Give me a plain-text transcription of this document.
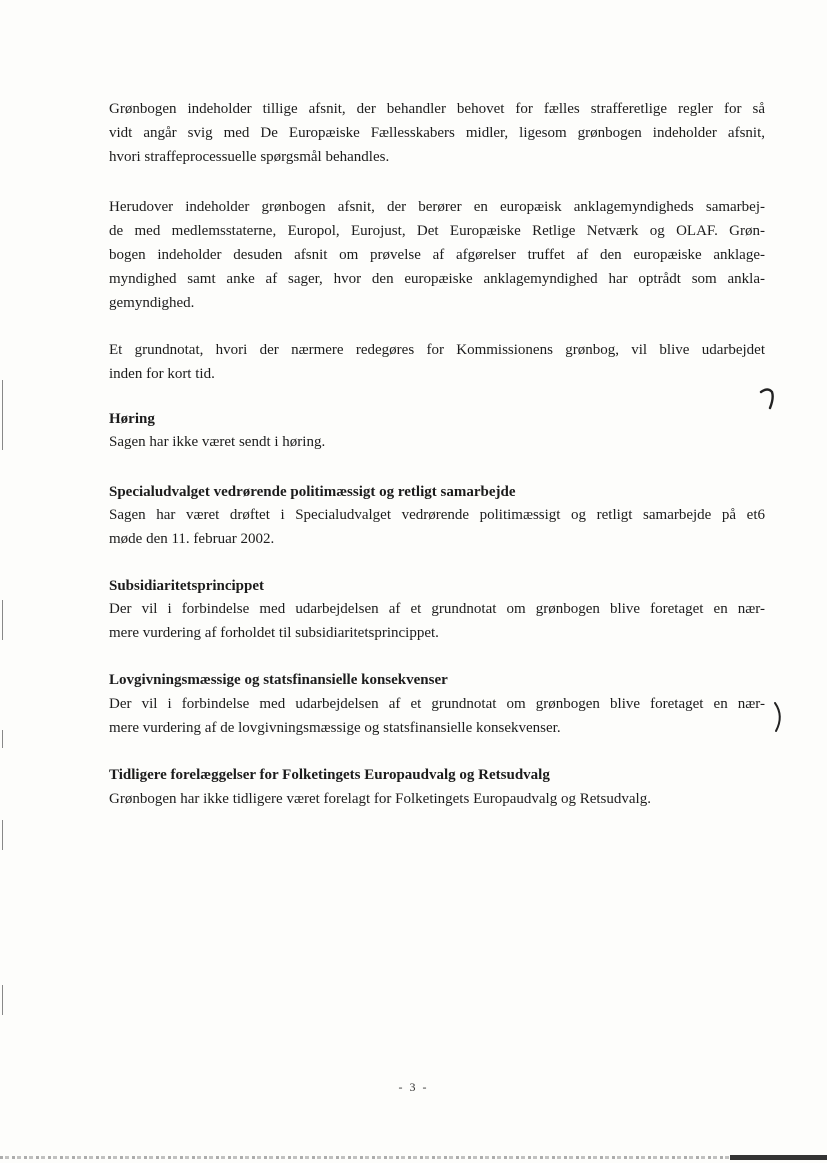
Grønbogen indeholder tillige afsnit, der behandler behovet for fælles strafferetlige regler for så
vidt angår svig med De Europæiske Fællesskabers midler, ligesom grønbogen indeholder afsnit,
hvori straffeprocessuelle spørgsmål behandles.
Herudover indeholder grønbogen afsnit, der berører en europæisk anklagemyndigheds samarbej-
de med medlemsstaterne, Europol, Eurojust, Det Europæiske Retlige Netværk og OLAF. Grøn-
bogen indeholder desuden afsnit om prøvelse af afgørelser truffet af den europæiske anklage-
myndighed samt anke af sager, hvor den europæiske anklagemyndighed har optrådt som ankla-
gemyndighed.
Et grundnotat, hvori der nærmere redegøres for Kommissionens grønbog, vil blive udarbejdet
inden for kort tid.
Høring

Sagen har ikke været sendt i høring.

Specialudvalget vedrørende politimæssigt og retligt samarbejde
Sagen har været drøftet i Specialudvalget vedrørende politimæssigt og retligt samarbejde på et6
møde den 11. februar 2002.
Subsidiaritetsprincippet
Der vil i forbindelse med udarbejdelsen af et grundnotat om grønbogen blive foretaget en nær-
mere vurdering af forholdet til subsidiaritetsprincippet.
Lovgivningsmæssige og statsfinansielle konsekvenser
Der vil i forbindelse med udarbejdelsen af et grundnotat om grønbogen blive foretaget en nær-
mere vurdering af de lovgivningsmæssige og statsfinansielle konsekvenser.
Tidligere forelæggelser for Folketingets Europaudvalg og Retsudvalg

Grønbogen har ikke tidligere været forelagt for Folketingets Europaudvalg og Retsudvalg.

- 3 -
